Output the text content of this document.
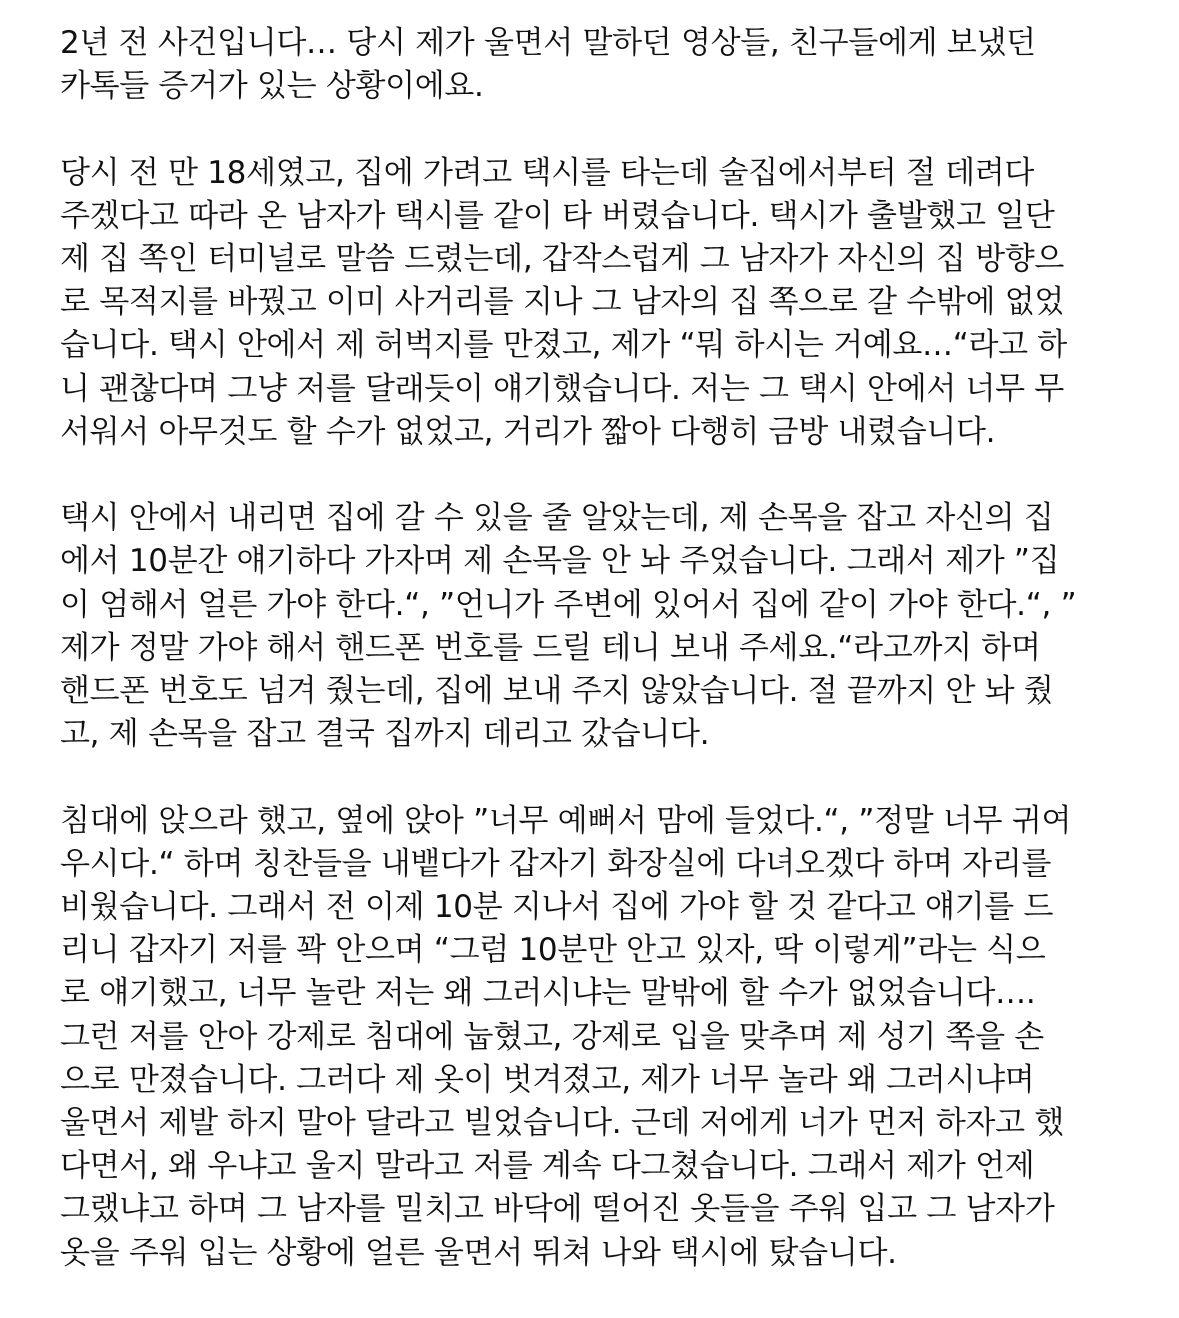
2년 전 사건입니다… 당시 제가 울면서 말하던 영상들, 친구들에게 보냈던
카톡들 증거가 있는 상황이에요.
당시 전 만 18세였고, 집에 가려고 택시를 타는데 술집에서부터 절 데려다
주겠다고 따라 온 남자가 택시를 같이 타 버렸습니다. 택시가 출발했고 일단
제 집 쪽인 터미널로 말씀 드렸는데, 갑작스럽게 그 남자가 자신의 집 방향으
로 목적지를 바꿨고 이미 사거리를 지나 그 남자의 집 쪽으로 갈 수밖에 없었
습니다. 택시 안에서 제 허벅지를 만졌고, 제가 “뭐 하시는 거예요…“라고 하
니 괜찮다며 그냥 저를 달래듯이 얘기했습니다. 저는 그 택시 안에서 너무 무
서워서 아무것도 할 수가 없었고, 거리가 짧아 다행히 금방 내렸습니다.
택시 안에서 내리면 집에 갈 수 있을 줄 알았는데, 제 손목을 잡고 자신의 집
에서 10분간 얘기하다 가자며 제 손목을 안 놔 주었습니다. 그래서 제가 ”집
이 엄해서 얼른 가야 한다.“, ”언니가 주변에 있어서 집에 같이 가야 한다.“, ”
제가 정말 가야 해서 핸드폰 번호를 드릴 테니 보내 주세요.“라고까지 하며
핸드폰 번호도 넘겨 줬는데, 집에 보내 주지 않았습니다. 절 끝까지 안 놔 줬
고, 제 손목을 잡고 결국 집까지 데리고 갔습니다.
침대에 앉으라 했고, 옆에 앉아 ”너무 예뻐서 맘에 들었다.“, ”정말 너무 귀여
우시다.“ 하며 칭찬들을 내뱉다가 갑자기 화장실에 다녀오겠다 하며 자리를
비웠습니다. 그래서 전 이제 10분 지나서 집에 가야 할 것 같다고 얘기를 드
리니 갑자기 저를 꽉 안으며 “그럼 10분만 안고 있자, 딱 이렇게”라는 식으
로 얘기했고, 너무 놀란 저는 왜 그러시냐는 말밖에 할 수가 없었습니다….
그런 저를 안아 강제로 침대에 눕혔고, 강제로 입을 맞추며 제 성기 쪽을 손
으로 만졌습니다. 그러다 제 옷이 벗겨졌고, 제가 너무 놀라 왜 그러시냐며
울면서 제발 하지 말아 달라고 빌었습니다. 근데 저에게 너가 먼저 하자고 했
다면서, 왜 우냐고 울지 말라고 저를 계속 다그쳤습니다. 그래서 제가 언제
그랬냐고 하며 그 남자를 밀치고 바닥에 떨어진 옷들을 주워 입고 그 남자가
옷을 주워 입는 상황에 얼른 울면서 뛰쳐 나와 택시에 탔습니다.
